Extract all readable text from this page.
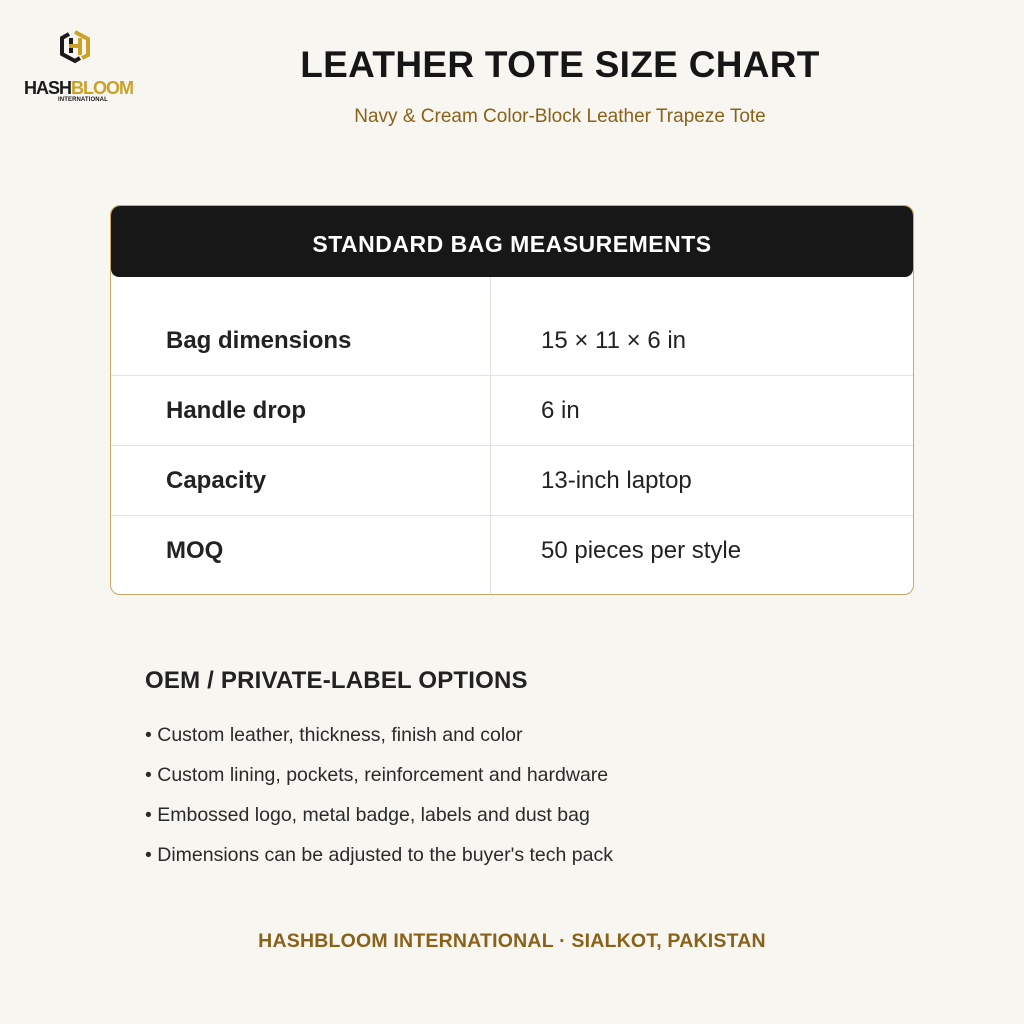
HASHBLOOM
INTERNATIONAL
LEATHER TOTE SIZE CHART
Navy & Cream Color-Block Leather Trapeze Tote
STANDARD BAG MEASUREMENTS
Bag dimensions	15 × 11 × 6 in
Handle drop	6 in
Capacity	13-inch laptop
MOQ	50 pieces per style
OEM / PRIVATE-LABEL OPTIONS
• Custom leather, thickness, finish and color
• Custom lining, pockets, reinforcement and hardware
• Embossed logo, metal badge, labels and dust bag
• Dimensions can be adjusted to the buyer's tech pack
HASHBLOOM INTERNATIONAL · SIALKOT, PAKISTAN
